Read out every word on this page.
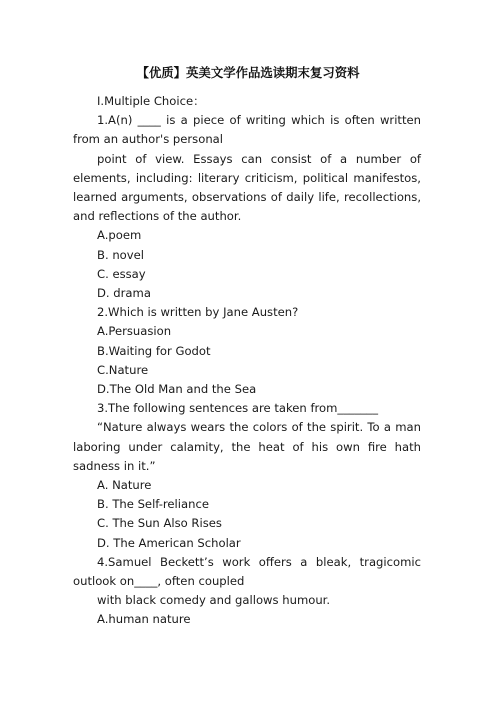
【优质】英美文学作品选读期末复习资料

I.Multiple Choice：

1.A(n) ____ is a piece of writing which is often written from an author's personal

point of view. Essays can consist of a number of elements, including: literary criticism, political manifestos, learned arguments, observations of daily life, recollections, and reflections of the author.

A.poem

B. novel

C. essay

D. drama

2.Which is written by Jane Austen?

A.Persuasion

B.Waiting for Godot

C.Nature

D.The Old Man and the Sea

3.The following sentences are taken from_______

“Nature always wears the colors of the spirit. To a man laboring under calamity, the heat of his own fire hath sadness in it.”

A. Nature

B. The Self-reliance

C. The Sun Also Rises

D. The American Scholar

4.Samuel Beckett’s work offers a bleak, tragicomic outlook on____, often coupled

with black comedy and gallows humour.

A.human nature
